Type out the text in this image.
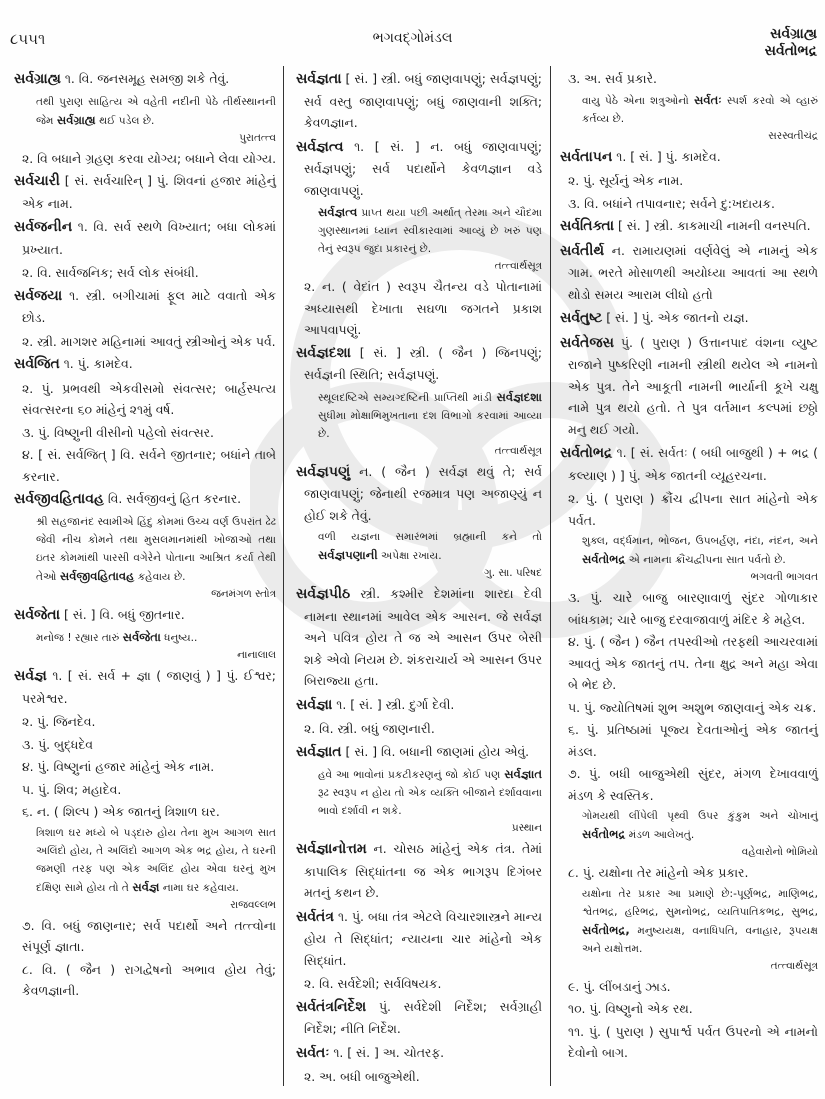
૮૫૫૧	ભગવદ્ગોમંડલ	સર્વગ્રાહ્ય
સર્વતોભદ્ર
સર્વગ્રાહ્ય ૧. વિ. જનસમૂહ સમજી શકે તેવું.
તથી પુરાણ સાહિત્ય એ વહેતી નદીની પેઠે તીર્થસ્થાનની જેમ સર્વગ્રાહ્ય થઈ પડેલ છે.
પુરાતત્ત્વ
૨. વિ બધાને ગ્રહણ કરવા યોગ્ય; બધાને લેવા યોગ્ય.
સર્વચારી [ સં. સર્વચારિન્ ] પું. શિવનાં હજાર માંહેનું એક નામ.
સર્વજનીન ૧. વિ. સર્વ સ્થળે વિખ્યાત; બધા લોકમાં પ્રખ્યાત.
૨. વિ. સાર્વજનિક; સર્વ લોક સંબંધી.
સર્વજયા ૧. સ્ત્રી. બગીચામાં ફૂલ માટે વવાતો એક છોડ.
૨. સ્ત્રી. માગશર મહિનામાં આવતું સ્ત્રીઓનું એક પર્વ.
સર્વજિત ૧. પું. કામદેવ.
૨. પું. પ્રભવથી એકવીસમો સંવત્સર; બાર્હસ્પત્ય સંવત્સરના ૬૦ માંહેનું ૨૧મું વર્ષ.
૩. પું. વિષ્ણુની વીસીનો પહેલો સંવત્સર.
૪. [ સં. સર્વજિત્ ] વિ. સર્વને જીતનાર; બધાંને તાબે કરનાર.
સર્વજીવહિતાવહ વિ. સર્વજીવનું હિત કરનાર.
શ્રી સહજાનંદ સ્વામીએ હિંદુ કોમમાં ઉચ્ચ વર્ણ ઉપરાંત ઢેઢ જેવી નીચ કોમને તથા મુસલમાનમાંથી ખોજાઓ તથા ઇતર કોમમાંથી પારસી વગેરેને પોતાના આશ્રિત કર્યા તેથી તેઓ સર્વજીવહિતાવહ કહેવાય છે.
જનમંગળ સ્તોત્ર
સર્વજેતા [ સં. ] વિ. બધું જીતનાર.
મનોજ ! રહ્યાર તારું સર્વજેતા ધનુષ્ય..
નાનાલાલ
સર્વજ્ઞ ૧. [ સં. સર્વ + જ્ઞા ( જાણવું ) ] પું. ઈશ્વર; પરમેશ્વર.
૨. પું. જિનદેવ.
૩. પું. બુદ્ધદેવ
૪. પું. વિષ્ણુનાં હજાર માંહેનું એક નામ.
૫. પું. શિવ; મહાદેવ.
૬. ન. ( શિલ્પ ) એક જાતનું ત્રિશાળ ઘર.
ત્રિશાળ ઘર મધ્યે બે પડ્દારુ હોય તેના મુખ આગળ સાત અલિંદો હોય, તે અલિંદો આગળ એક ભદ્ર હોય, તે ઘરની જમણી તરફ પણ એક અલિંદ હોય એવા ઘરનું મુખ દક્ષિણ સામે હોય તો તે સર્વજ્ઞ નામા ઘર કહેવાય.
રાજવલ્લભ
૭. વિ. બધું જાણનાર; સર્વ પદાર્થો અને તત્ત્વોના સંપૂર્ણ જ્ઞાતા.
૮. વિ. ( જૈન ) રાગદ્વેષનો અભાવ હોય તેવું; કેવળજ્ઞાની.
સર્વજ્ઞતા [ સં. ] સ્ત્રી. બધું જાણવાપણું; સર્વજ્ઞપણું; સર્વ વસ્તુ જાણવાપણું; બધું જાણવાની શક્તિ; કેવળજ્ઞાન.
સર્વજ્ઞત્વ ૧. [ સં. ] ન. બધું જાણવાપણું; સર્વજ્ઞપણું; સર્વ પદાર્થોને કેવળજ્ઞાન વડે જાણવાપણું.
સર્વજ્ઞત્વ પ્રાપ્ત થયા પછી અર્થાત્ તેરમા અને ચૌદમા ગુણસ્થાનમાં ધ્યાન સ્વીકારવામાં આવ્યું છે ખરું પણ તેનું સ્વરૂપ જુદા પ્રકારનું છે.
તત્ત્વાર્થસૂત્ર
૨. ન. ( વેદાંત ) સ્વરૂપ ચૈતન્ય વડે પોતાનામાં અધ્યાસથી દેખાતા સઘળા જગતને પ્રકાશ આપવાપણું.
સર્વજ્ઞદશા [ સં. ] સ્ત્રી. ( જૈન ) જિનપણું; સર્વજ્ઞની સ્થિતિ; સર્વજ્ઞપણું.
સ્થૂલદષ્ટિએ સમ્યગ્દષ્ટિની પ્રાપ્તિથી માંડી સર્વજ્ઞદશા સુધીમા મોક્ષાભિમુખતાના દશ વિભાગો કરવામાં આવ્યા છે.
તત્ત્વાર્થસૂત્ર
સર્વજ્ઞપણું ન. ( જૈન ) સર્વજ્ઞ થવું તે; સર્વ જાણવાપણું; જેનાથી રજમાત્ર પણ અજાણ્યું ન હોઈ શકે તેવું.
વળી યજ્ઞના સમારંભમાં બ્રહ્માની કને તો સર્વજ્ઞપણાની અપેક્ષા રખાય.
ગુ. સા. પરિષદ
સર્વજ્ઞપીઠ સ્ત્રી. કશ્મીર દેશમાંના શારદા દેવી નામના સ્થાનમાં આવેલ એક આસન. જે સર્વજ્ઞ અને પવિત્ર હોય તે જ એ આસન ઉપર બેસી શકે એવો નિયમ છે. શંકરાચાર્ય એ આસન ઉપર બિરાજ્યા હતા.
સર્વજ્ઞા ૧. [ સં. ] સ્ત્રી. દુર્ગા દેવી.
૨. વિ. સ્ત્રી. બધું જાણનારી.
સર્વજ્ઞાત [ સં. ] વિ. બધાની જાણમાં હોય એવું.
હવે આ ભાવોનાં પ્રકટીકરણનું જો કોઈ પણ સર્વજ્ઞાત રૂઢ સ્વરૂપ ન હોય તો એક વ્યક્તિ બીજાને દર્શાવવાના ભાવો દર્શાવી ન શકે.
પ્રસ્થાન
સર્વજ્ઞાનોત્તમ ન. ચોસઠ માંહેનું એક તંત્ર. તેમાં કાપાલિક સિદ્ધાંતના જ એક ભાગરૂપ દિગંબર મતનું કથન છે.
સર્વતંત્ર ૧. પું. બધા તંત્ર એટલે વિચારશાસ્ત્રને માન્ય હોય તે સિદ્ધાંત; ન્યાયના ચાર માંહેનો એક સિદ્ધાંત.
૨. વિ. સર્વદેશી; સર્વવિષયક.
સર્વતંત્રનિર્દેશ પું. સર્વદેશી નિર્દેશ; સર્વગ્રાહી નિર્દેશ; નીતિ નિર્દેશ.
સર્વતઃ ૧. [ સં. ] અ. ચોતરફ.
૨. અ. બધી બાજુએથી.
૩. અ. સર્વ પ્રકારે.
વાયુ પેઠે એના શત્રુઓનો સર્વતઃ સ્પર્શ કરવો એ વ્હારું કર્તવ્ય છે.
સરસ્વતીચંદ્ર
સર્વતાપન ૧. [ સં. ] પું. કામદેવ.
૨. પું. સૂર્યનું એક નામ.
૩. વિ. બધાંને તપાવનાર; સર્વને દુ:ખદાયક.
સર્વતિક્તા [ સં. ] સ્ત્રી. કાકમાચી નામની વનસ્પતિ.
સર્વતીર્થ ન. રામાયણમાં વર્ણવેલું એ નામનું એક ગામ. ભરતે મોસાળથી અયોધ્યા આવતાં આ સ્થળે થોડો સમય આરામ લીધો હતો
સર્વતુષ્ટ [ સં. ] પું. એક જાતનો યજ્ઞ.
સર્વતેજસ પું. ( પુરાણ ) ઉત્તાનપાદ વંશના વ્યુષ્ટ રાજાને પુષ્કરિણી નામની સ્ત્રીથી થયેલ એ નામનો એક પુત્ર. તેને આકૂતી નામની ભાર્યાની કૂખે ચક્ષુ નામે પુત્ર થયો હતો. તે પુત્ર વર્તમાન કલ્પમાં છઠ્ઠો મનુ થઈ ગયો.
સર્વતોભદ્ર ૧. [ સં. સર્વતઃ ( બધી બાજુથી ) + ભદ્ર ( કલ્યાણ ) ] પું. એક જાતની વ્યૂહરચના.
૨. પું. ( પુરાણ ) ક્રૌંચ દ્વીપના સાત માંહેનો એક પર્વત.
શુક્લ, વર્દ્ધમાન, ભોજન, ઉપબર્હણ, નંદા, નંદન, અને સર્વતોભદ્ર એ નામના ક્રૌંચદ્વીપના સાત પર્વતો છે.
ભગવતી ભાગવત
૩. પું. ચારે બાજુ બારણાવાળું સુંદર ગોળાકાર બાંધકામ; ચારે બાજુ દરવાજાવાળું મંદિર કે મહેલ.
૪. પું. ( જૈન ) જૈન તપસ્વીઓ તરફથી આચરવામાં આવતું એક જાતનું તપ. તેના ક્ષુદ્ર અને મહા એવા બે ભેદ છે.
૫. પું. જ્યોતિષમાં શુભ અશુભ જાણવાનું એક ચક્ર.
૬. પું. પ્રતિષ્ઠામાં પૂજ્ય દેવતાઓનું એક જાતનું મંડલ.
૭. પું. બધી બાજુએથી સુંદર, મંગળ દેખાવવાળું મંડળ કે સ્વસ્તિક.
ગોમયથી લીંપેલી પૃથ્વી ઉપર કુંકુમ અને ચોખાનું સર્વતોભદ્ર મંડળ આલેખતું.
વહેવારોનો ભોમિયો
૮. પું. યક્ષોના તેર માંહેનો એક પ્રકાર.
યક્ષોના તેર પ્રકાર આ પ્રમાણે છે:-પૂર્ણભદ્ર, માણિભદ્ર, શ્વેતભદ્ર, હરિભદ્ર, સુમનોભદ્ર, વ્યતિપાતિકભદ્ર, સુભદ્ર, સર્વતોભદ્ર, મનુષ્યયક્ષ, વનાધિપતિ, વનાહાર, રૂપયક્ષ અને યક્ષોત્તમ.
તત્ત્વાર્થસૂત્ર
૯. પું. લીંબડાનું ઝાડ.
૧૦. પું. વિષ્ણુનો એક રથ.
૧૧. પું. ( પુરાણ ) સુપાર્શ્વ પર્વત ઉપરનો એ નામનો દેવોનો બાગ.
